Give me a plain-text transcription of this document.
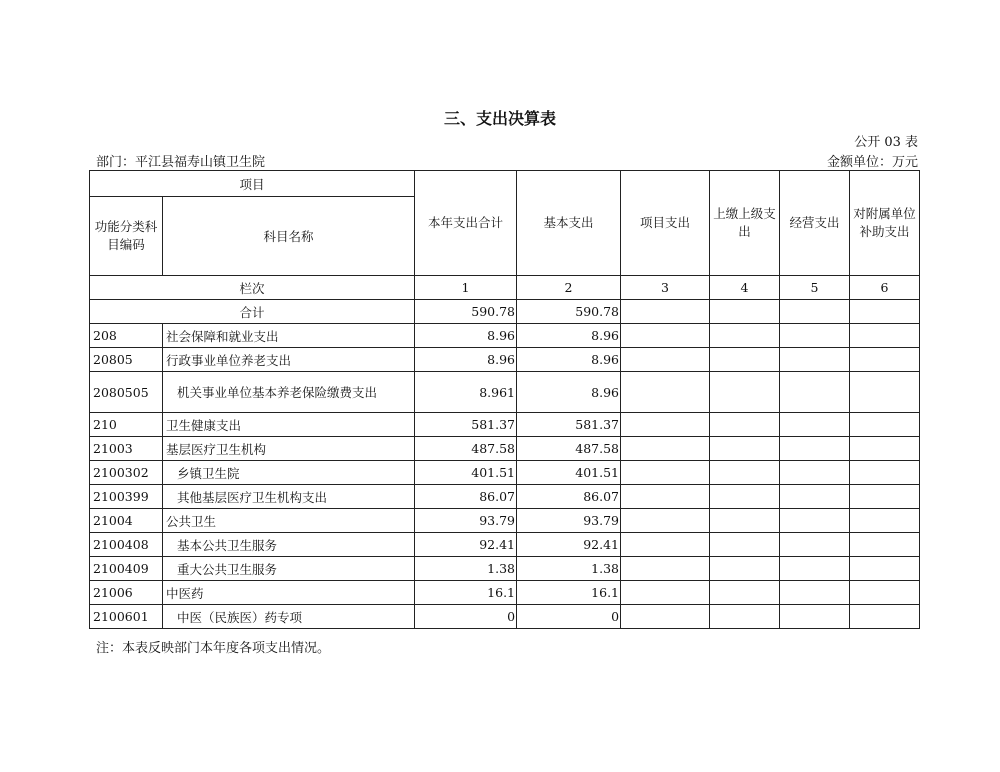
三、支出决算表
公开 03 表
部门：平江县福寿山镇卫生院	金额单位：万元
项目		本年支出合计	基本支出	项目支出	上缴上级支出	经营支出	对附属单位补助支出
功能分类科目编码	科目名称						
栏次		1	2	3	4	5	6
合计		590.78	590.78				
208	社会保障和就业支出	8.96	8.96				
20805	行政事业单位养老支出	8.96	8.96				
2080505	机关事业单位基本养老保险缴费支出	8.961	8.96				
210	卫生健康支出	581.37	581.37				
21003	基层医疗卫生机构	487.58	487.58				
2100302	乡镇卫生院	401.51	401.51				
2100399	其他基层医疗卫生机构支出	86.07	86.07				
21004	公共卫生	93.79	93.79				
2100408	基本公共卫生服务	92.41	92.41				
2100409	重大公共卫生服务	1.38	1.38				
21006	中医药	16.1	16.1				
2100601	中医（民族医）药专项	0	0				
注：本表反映部门本年度各项支出情况。
